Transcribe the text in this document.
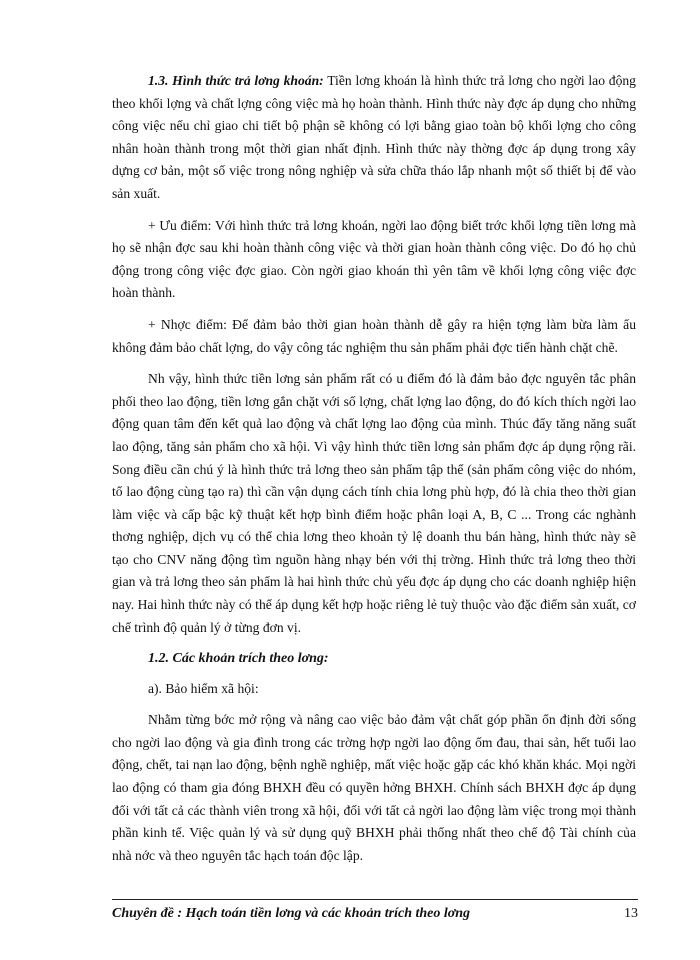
1.3. Hình thức trả lơng khoán: Tiền lơng khoán là hình thức trả lơng cho ngời lao động theo khối lợng và chất lợng công việc mà họ hoàn thành. Hình thức này đợc áp dụng cho những công việc nếu chỉ giao chi tiết bộ phận sẽ không có lợi bằng giao toàn bộ khối lợng cho công nhân hoàn thành trong một thời gian nhất định. Hình thức này thờng đợc áp dụng trong xây dựng cơ bản, một số việc trong nông nghiệp và sửa chữa tháo lắp nhanh một số thiết bị để vào sản xuất.

+ Ưu điểm: Với hình thức trả lơng khoán, ngời lao động biết trớc khối lợng tiền lơng mà họ sẽ nhận đợc sau khi hoàn thành công việc và thời gian hoàn thành công việc. Do đó họ chủ động trong công việc đợc giao. Còn ngời giao khoán thì yên tâm về khối lợng công việc đợc hoàn thành.

+ Nhợc điểm: Để đảm bảo thời gian hoàn thành dễ gây ra hiện tợng làm bừa làm ẩu không đảm bảo chất lợng, do vậy công tác nghiệm thu sản phẩm phải đợc tiến hành chặt chẽ.

Nh vậy, hình thức tiền lơng sản phẩm rất có u điểm đó là đảm bảo đợc nguyên tắc phân phối theo lao động, tiền lơng gắn chặt với số lợng, chất lợng lao động, do đó kích thích ngời lao động quan tâm đến kết quả lao động và chất lợng lao động của mình. Thúc đẩy tăng năng suất lao động, tăng sản phẩm cho xã hội. Vì vậy hình thức tiền lơng sản phẩm đợc áp dụng rộng rãi. Song điều cần chú ý là hình thức trả lơng theo sản phẩm tập thể (sản phẩm công việc do nhóm, tổ lao động cùng tạo ra) thì cần vận dụng cách tính chia lơng phù hợp, đó là chia theo thời gian làm việc và cấp bậc kỹ thuật kết hợp bình điểm hoặc phân loại A, B, C ... Trong các nghành thơng nghiệp, dịch vụ có thể chia lơng theo khoản tỷ lệ doanh thu bán hàng, hình thức này sẽ tạo cho CNV năng động tìm nguồn hàng nhạy bén với thị trờng. Hình thức trả lơng theo thời gian và trả lơng theo sản phẩm là hai hình thức chủ yếu đợc áp dụng cho các doanh nghiệp hiện nay. Hai hình thức này có thể áp dụng kết hợp hoặc riêng lẻ tuỳ thuộc vào đặc điểm sản xuất, cơ chế trình độ quản lý ở từng đơn vị.

1.2. Các khoản trích theo lơng:

a). Bảo hiểm xã hội:

Nhằm từng bớc mở rộng và nâng cao việc bảo đảm vật chất góp phần ổn định đời sống cho ngời lao động và gia đình trong các trờng hợp ngời lao động ốm đau, thai sản, hết tuổi lao động, chết, tai nạn lao động, bệnh nghề nghiệp, mất việc hoặc gặp các khó khăn khác. Mọi ngời lao động có tham gia đóng BHXH đều có quyền hởng BHXH. Chính sách BHXH đợc áp dụng đối với tất cả các thành viên trong xã hội, đối với tất cả ngời lao động làm việc trong mọi thành phần kinh tế. Việc quản lý và sử dụng quỹ BHXH phải thống nhất theo chế độ Tài chính của nhà nớc và theo nguyên tắc hạch toán độc lập.

Chuyên đề : Hạch toán tiền lơng và các khoản trích theo lơng	13
